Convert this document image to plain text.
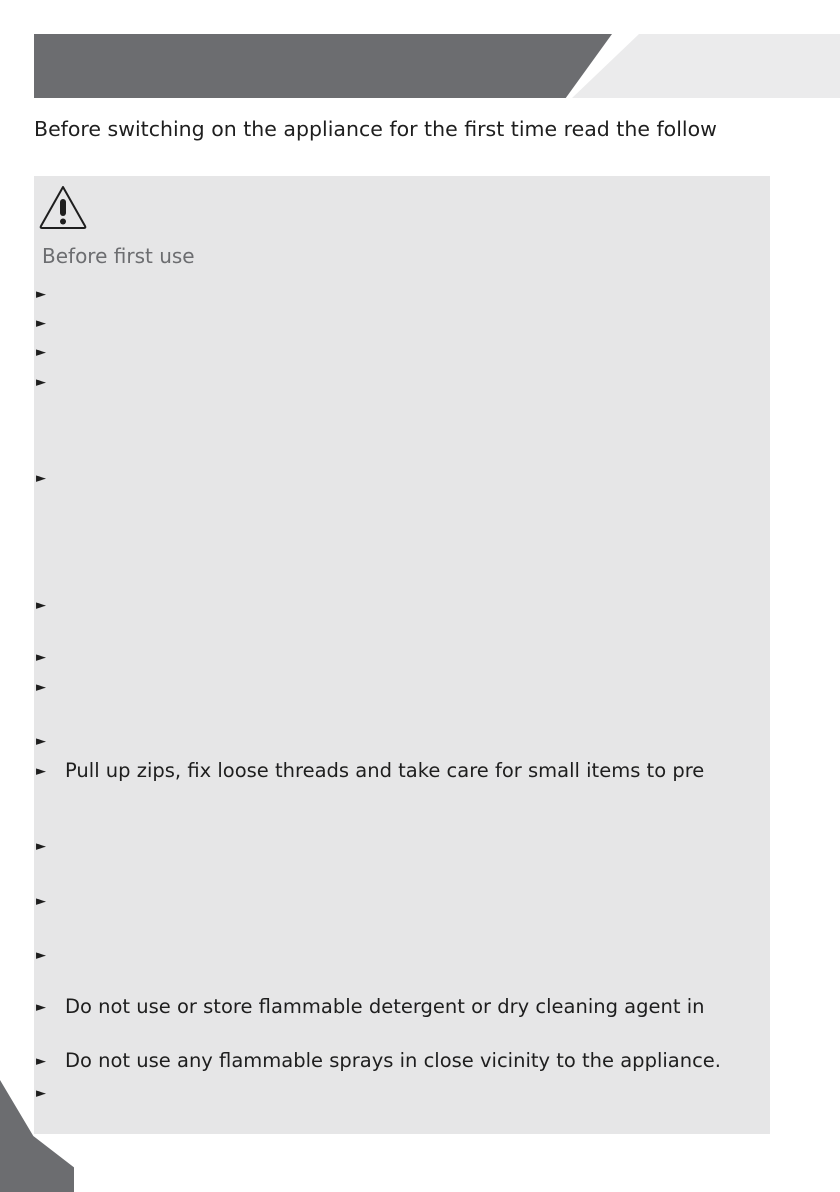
Before switching on the appliance for the first time read the follow
Before first use
►
►
►
►
►
►
►
►
►
► Pull up zips, fix loose threads and take care for small items to pre
►
►
►
► Do not use or store flammable detergent or dry cleaning agent in
► Do not use any flammable sprays in close vicinity to the appliance.
►
